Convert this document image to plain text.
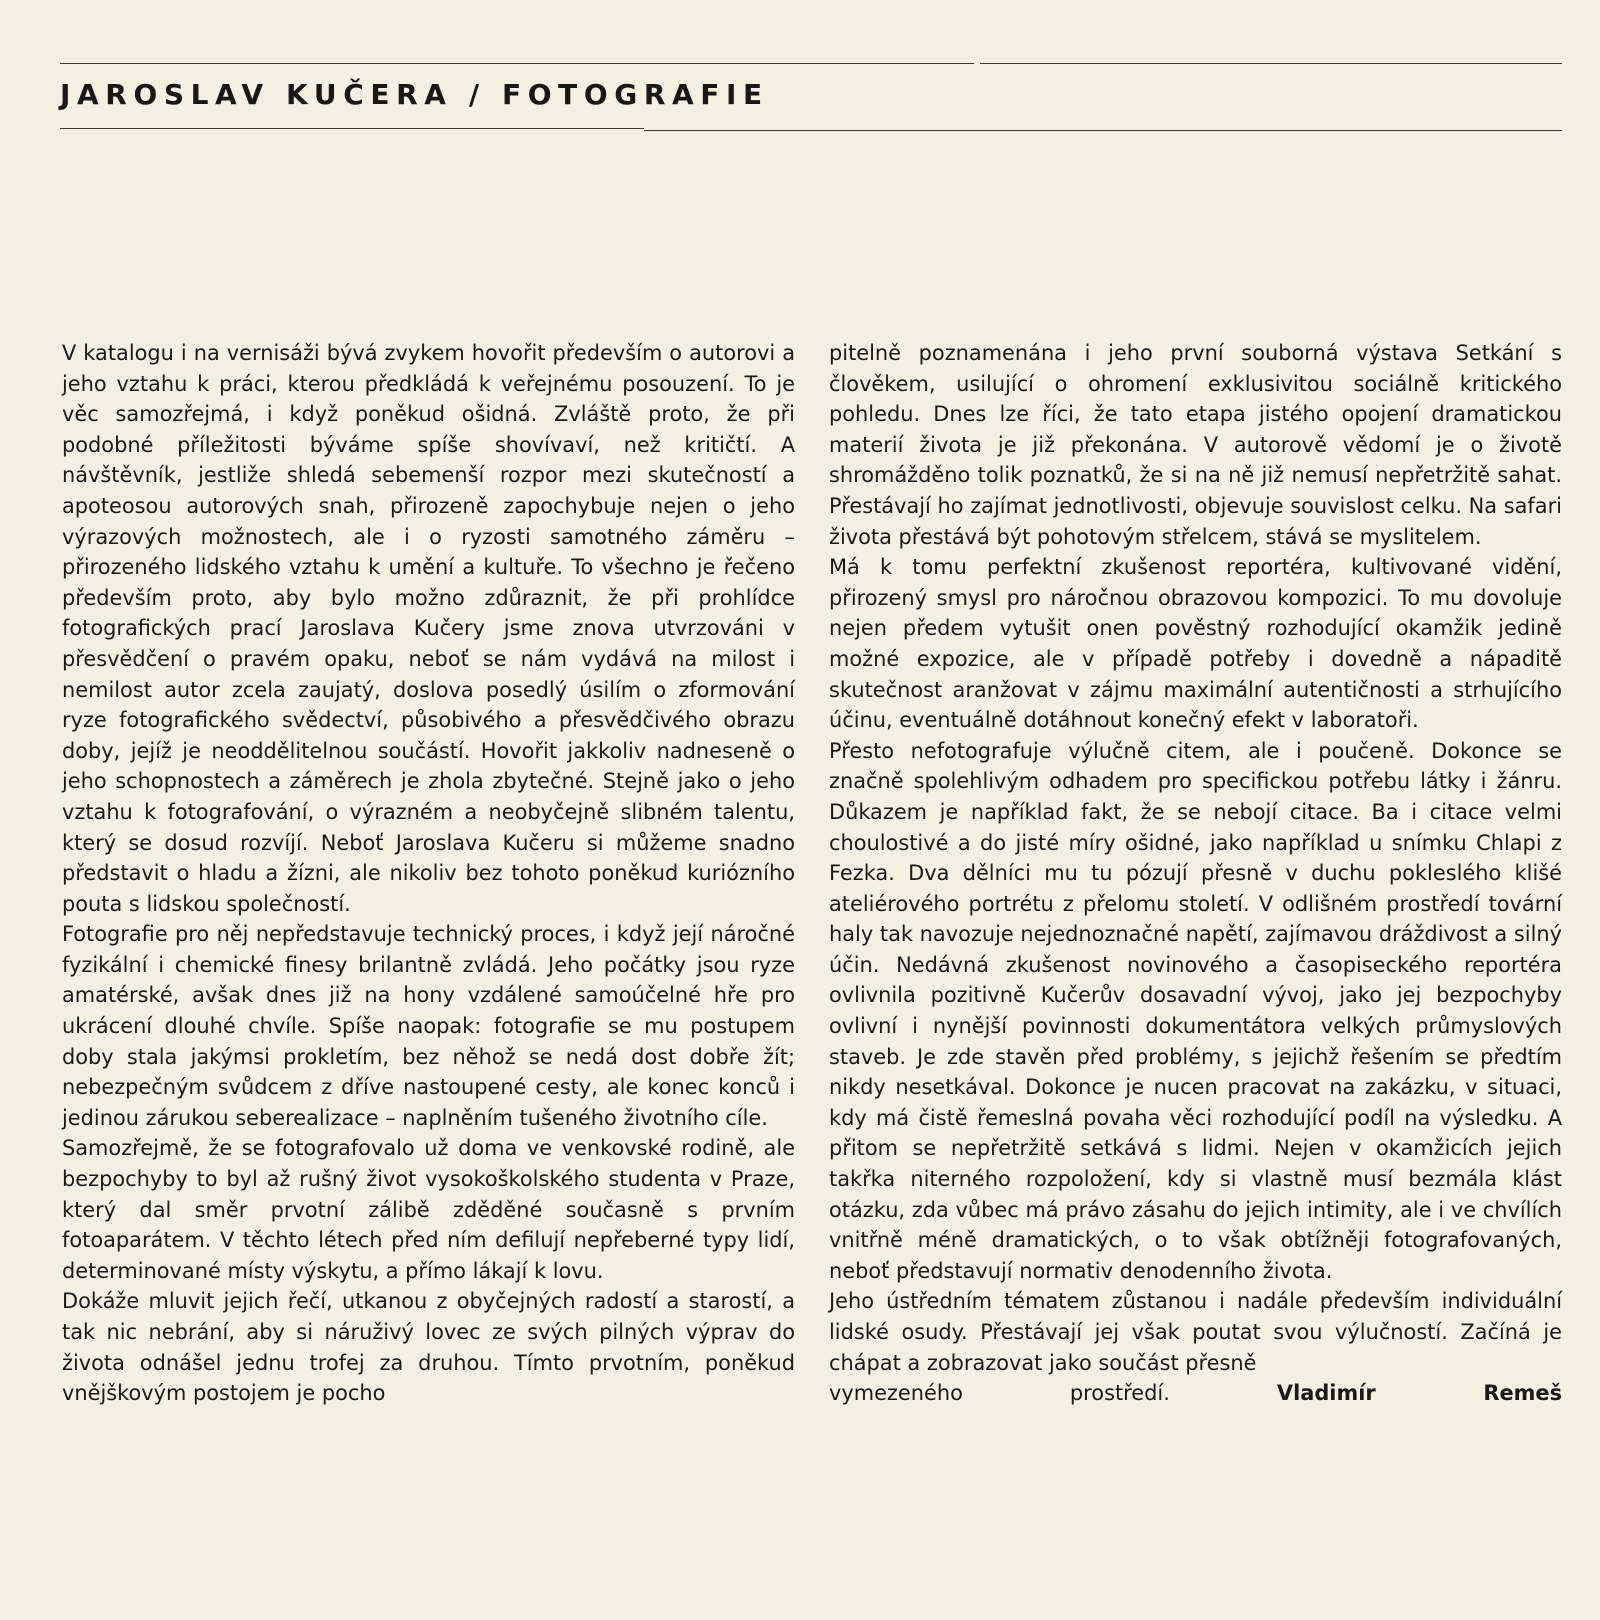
JAROSLAV KUČERA / FOTOGRAFIE

V katalogu i na vernisáži bývá zvykem hovořit především o autorovi a jeho vztahu k práci, kterou předkládá k veřejnému posouzení. To je věc samozřejmá, i když poněkud ošidná. Zvláště proto, že při podobné příležitosti býváme spíše shovívaví, než kritičtí. A návštěvník, jestliže shledá sebemenší rozpor mezi skutečností a apoteosou autorových snah, přirozeně zapochybuje nejen o jeho výrazových možnostech, ale i o ryzosti samotného záměru – přirozeného lidského vztahu k umění a kultuře. To všechno je řečeno především proto, aby bylo možno zdůraznit, že při prohlídce fotografických prací Jaroslava Kučery jsme znova utvrzováni v přesvědčení o pravém opaku, neboť se nám vydává na milost i nemilost autor zcela zaujatý, doslova posedlý úsilím o zformování ryze fotografického svědectví, působivého a přesvědčivého obrazu doby, jejíž je neoddělitelnou součástí. Hovořit jakkoliv nadneseně o jeho schopnostech a záměrech je zhola zbytečné. Stejně jako o jeho vztahu k fotografování, o výrazném a neobyčejně slibném talentu, který se dosud rozvíjí. Neboť Jaroslava Kučeru si můžeme snadno představit o hladu a žízni, ale nikoliv bez tohoto poněkud kuriózního pouta s lidskou společností.

Fotografie pro něj nepředstavuje technický proces, i když její náročné fyzikální i chemické finesy brilantně zvládá. Jeho počátky jsou ryze amatérské, avšak dnes již na hony vzdálené samoúčelné hře pro ukrácení dlouhé chvíle. Spíše naopak: fotografie se mu postupem doby stala jakýmsi prokletím, bez něhož se nedá dost dobře žít; nebezpečným svůdcem z dříve nastoupené cesty, ale konec konců i jedinou zárukou seberealizace – naplněním tušeného životního cíle.

Samozřejmě, že se fotografovalo už doma ve venkovské rodině, ale bezpochyby to byl až rušný život vysokoškolského studenta v Praze, který dal směr prvotní zálibě zděděné současně s prvním fotoaparátem. V těchto létech před ním defilují nepřeberné typy lidí, determinované místy výskytu, a přímo lákají k lovu.

Dokáže mluvit jejich řečí, utkanou z obyčejných radostí a starostí, a tak nic nebrání, aby si náruživý lovec ze svých pilných výprav do života odnášel jednu trofej za druhou. Tímto prvotním, poněkud vnějškovým postojem je pocho

pitelně poznamenána i jeho první souborná výstava Setkání s člověkem, usilující o ohromení exklusivitou sociálně kritického pohledu. Dnes lze říci, že tato etapa jistého opojení dramatickou materií života je již překonána. V autorově vědomí je o životě shromážděno tolik poznatků, že si na ně již nemusí nepřetržitě sahat. Přestávají ho zajímat jednotlivosti, objevuje souvislost celku. Na safari života přestává být pohotovým střelcem, stává se myslitelem.

Má k tomu perfektní zkušenost reportéra, kultivované vidění, přirozený smysl pro náročnou obrazovou kompozici. To mu dovoluje nejen předem vytušit onen pověstný rozhodující okamžik jedině možné expozice, ale v případě potřeby i dovedně a nápaditě skutečnost aranžovat v zájmu maximální autentičnosti a strhujícího účinu, eventuálně dotáhnout konečný efekt v laboratoři.

Přesto nefotografuje výlučně citem, ale i poučeně. Dokonce se značně spolehlivým odhadem pro specifickou potřebu látky i žánru. Důkazem je například fakt, že se nebojí citace. Ba i citace velmi choulostivé a do jisté míry ošidné, jako například u snímku Chlapi z Fezka. Dva dělníci mu tu pózují přesně v duchu pokleslého klišé ateliérového portrétu z přelomu století. V odlišném prostředí tovární haly tak navozuje nejednoznačné napětí, zajímavou dráždivost a silný účin. Nedávná zkušenost novinového a časopiseckého reportéra ovlivnila pozitivně Kučerův dosavadní vývoj, jako jej bezpochyby ovlivní i nynější povinnosti dokumentátora velkých průmyslových staveb. Je zde stavěn před problémy, s jejichž řešením se předtím nikdy nesetkával. Dokonce je nucen pracovat na zakázku, v situaci, kdy má čistě řemeslná povaha věci rozhodující podíl na výsledku. A přitom se nepřetržitě setkává s lidmi. Nejen v okamžicích jejich takřka niterného rozpoložení, kdy si vlastně musí bezmála klást otázku, zda vůbec má právo zásahu do jejich intimity, ale i ve chvílích vnitřně méně dramatických, o to však obtížněji fotografovaných, neboť představují normativ denodenního života.

Jeho ústředním tématem zůstanou i nadále především individuální lidské osudy. Přestávají jej však poutat svou výlučností. Začíná je chápat a zobrazovat jako součást přesně

vymezeného prostředí.	Vladimír Remeš
